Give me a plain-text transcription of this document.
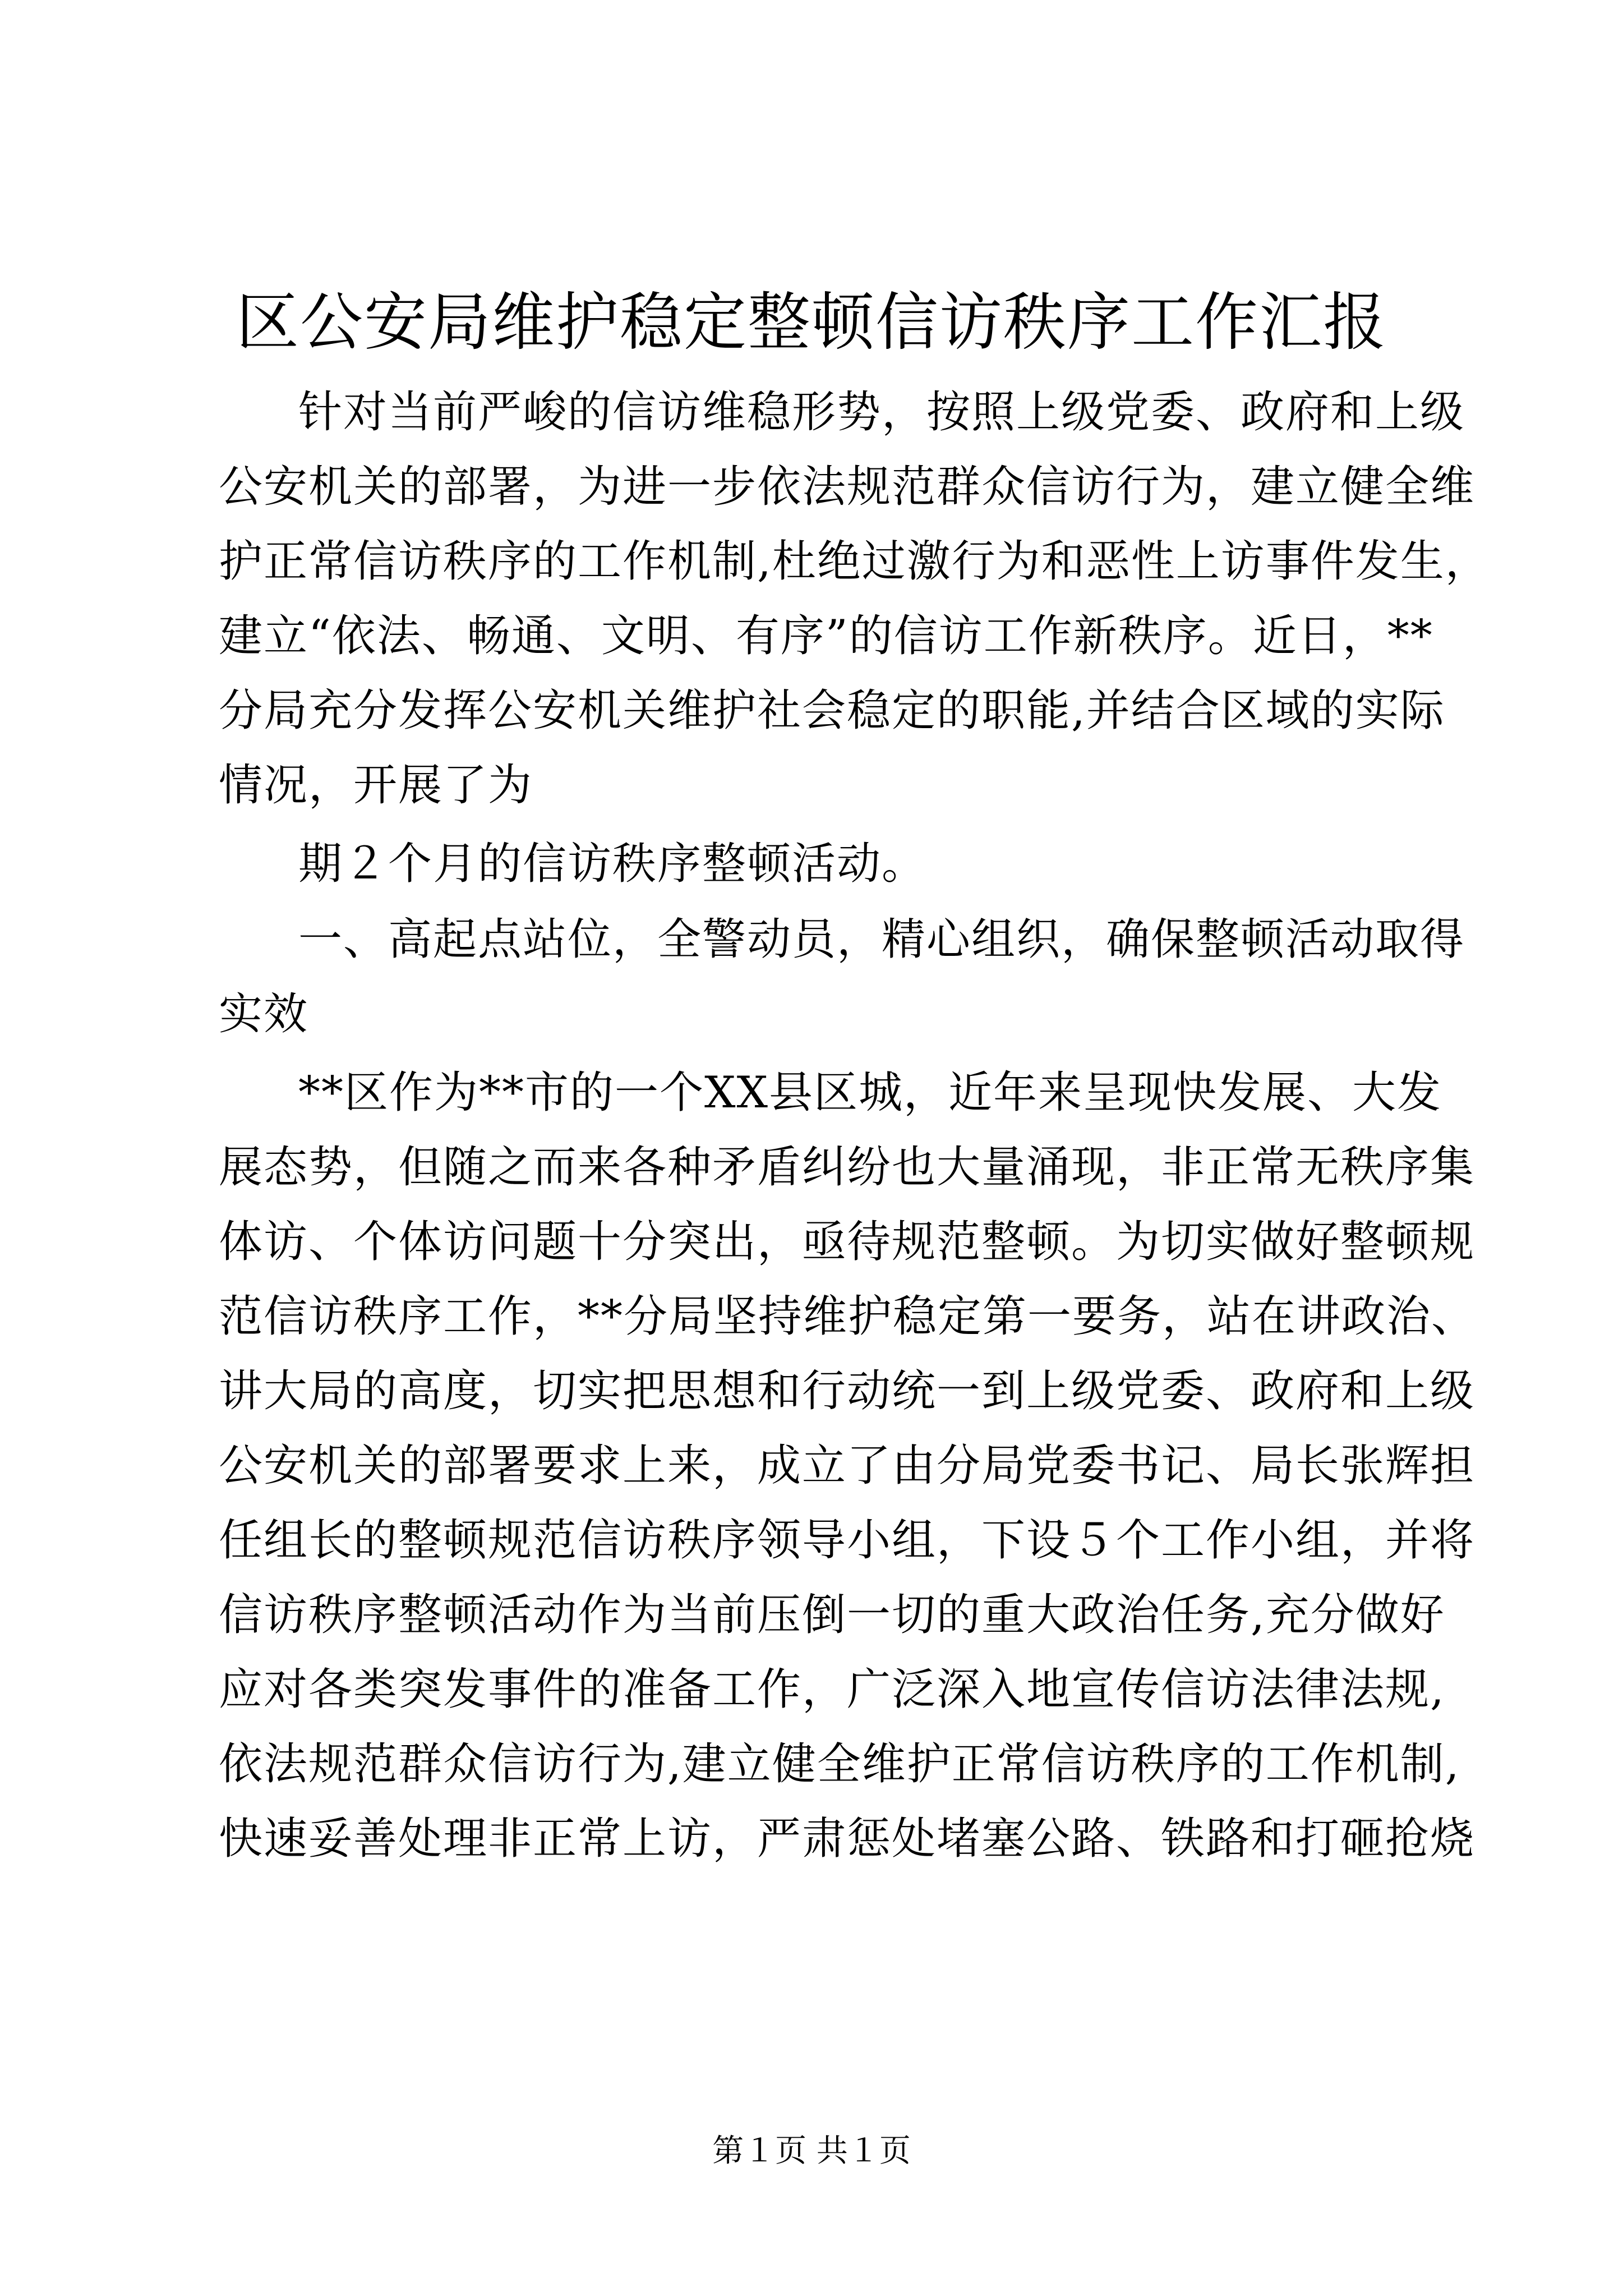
区公安局维护稳定整顿信访秩序工作汇报
针对当前严峻的信访维稳形势，按照上级党委、政府和上级
公安机关的部署，为进一步依法规范群众信访行为，建立健全维
护正常信访秩序的工作机制,杜绝过激行为和恶性上访事件发生，
建立“依法、畅通、文明、有序”的信访工作新秩序。近日，**
分局充分发挥公安机关维护社会稳定的职能,并结合区域的实际
情况，开展了为
期２个月的信访秩序整顿活动。
一、高起点站位，全警动员，精心组织，确保整顿活动取得
实效
**区作为**市的一个XX县区城，近年来呈现快发展、大发
展态势，但随之而来各种矛盾纠纷也大量涌现，非正常无秩序集
体访、个体访问题十分突出，亟待规范整顿。为切实做好整顿规
范信访秩序工作，**分局坚持维护稳定第一要务，站在讲政治、
讲大局的高度，切实把思想和行动统一到上级党委、政府和上级
公安机关的部署要求上来，成立了由分局党委书记、局长张辉担
任组长的整顿规范信访秩序领导小组，下设５个工作小组，并将
信访秩序整顿活动作为当前压倒一切的重大政治任务,充分做好
应对各类突发事件的准备工作，广泛深入地宣传信访法律法规,
依法规范群众信访行为,建立健全维护正常信访秩序的工作机制,
快速妥善处理非正常上访，严肃惩处堵塞公路、铁路和打砸抢烧
第１页 共１页
